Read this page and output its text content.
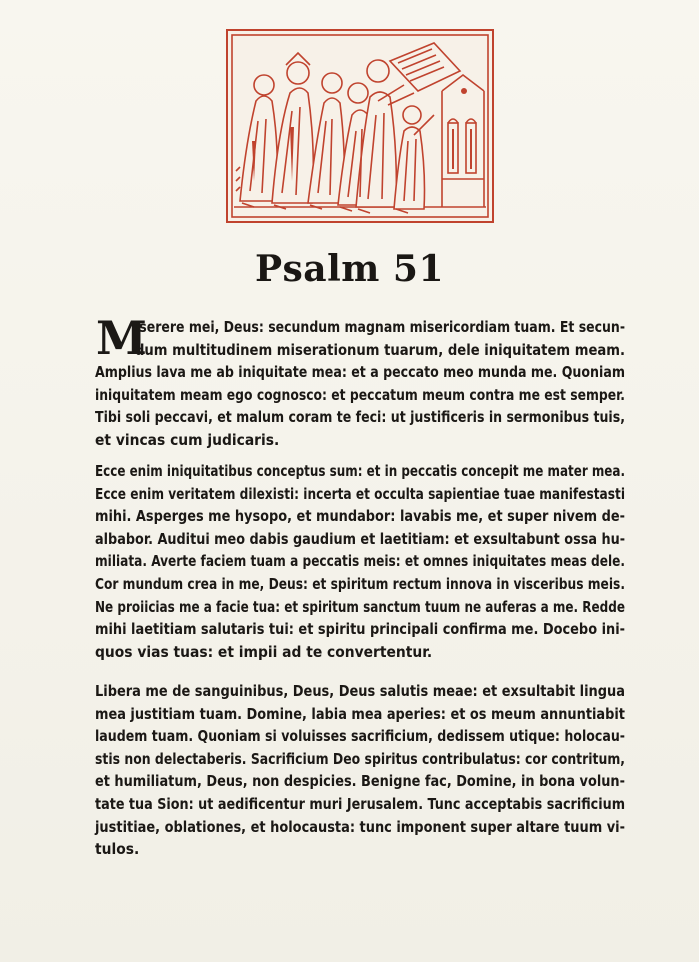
Psalm 51
M
iserere mei, Deus: secundum magnam misericordiam tuam. Et secun-
dum multitudinem miserationum tuarum, dele iniquitatem meam.
Amplius lava me ab iniquitate mea: et a peccato meo munda me. Quoniam
iniquitatem meam ego cognosco: et peccatum meum contra me est semper.
Tibi soli peccavi, et malum coram te feci: ut justificeris in sermonibus tuis,
et vincas cum judicaris.
Ecce enim iniquitatibus conceptus sum: et in peccatis concepit me mater mea.
Ecce enim veritatem dilexisti: incerta et occulta sapientiae tuae manifestasti
mihi. Asperges me hysopo, et mundabor: lavabis me, et super nivem de-
albabor. Auditui meo dabis gaudium et laetitiam: et exsultabunt ossa hu-
miliata. Averte faciem tuam a peccatis meis: et omnes iniquitates meas dele.
Cor mundum crea in me, Deus: et spiritum rectum innova in visceribus meis.
Ne proiicias me a facie tua: et spiritum sanctum tuum ne auferas a me. Redde
mihi laetitiam salutaris tui: et spiritu principali confirma me. Docebo ini-
quos vias tuas: et impii ad te convertentur.
Libera me de sanguinibus, Deus, Deus salutis meae: et exsultabit lingua
mea justitiam tuam. Domine, labia mea aperies: et os meum annuntiabit
laudem tuam. Quoniam si voluisses sacrificium, dedissem utique: holocau-
stis non delectaberis. Sacrificium Deo spiritus contribulatus: cor contritum,
et humiliatum, Deus, non despicies. Benigne fac, Domine, in bona volun-
tate tua Sion: ut aedificentur muri Jerusalem. Tunc acceptabis sacrificium
justitiae, oblationes, et holocausta: tunc imponent super altare tuum vi-
tulos.
